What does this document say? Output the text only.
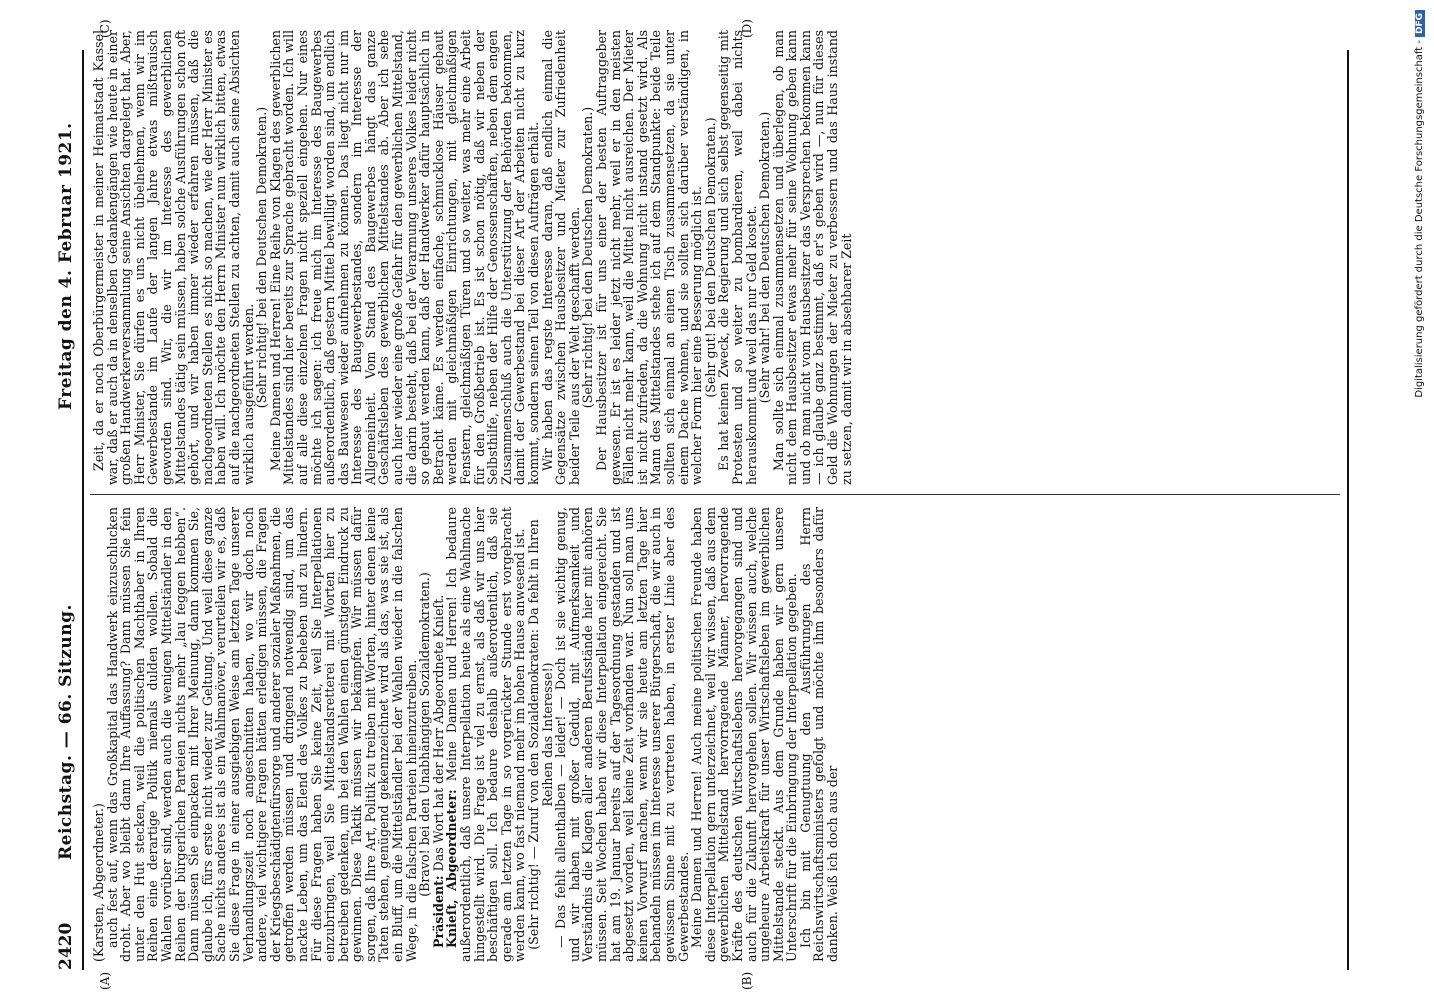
2420
Reichstag. — 66. Sitzung.
Freitag den 4. Februar 1921.
(A)	(B)
(C)	(D)

(Karsten, Abgeordneter.)

auch fest auf, wenn das Großkapital das Handwerk einzuschlucken droht. Aber wo bleibt dann Ihre Auffassung? Dann müssen Sie fein unter den Hut stecken, weil die politischen Machthaber in Ihren Reihen eine derartige Politik niemals dulden wollen. Sobald die Wahlen vorüber sind, werden auch die wenigen Mittelständler in den Reihen der bürgerlichen Parteien nichts mehr „lau feggen hebben“. Dann müssen Sie einpacken mit Ihrer Meinung, dann kommen Sie, glaube ich, fürs erste nicht wieder zur Geltung. Und weil diese ganze Sache nichts anderes ist als ein Wahlmanöver, verurteilen wir es, daß Sie diese Frage in einer ausgiebigen Weise am letzten Tage unserer Verhandlungszeit noch angeschnitten haben, wo wir doch noch andere, viel wichtigere Fragen hätten erledigen müssen, die Fragen der Kriegsbeschädigtenfürsorge und anderer sozialer Maßnahmen, die getroffen werden müssen und dringend notwendig sind, um das nackte Leben, um das Elend des Volkes zu beheben und zu lindern. Für diese Fragen haben Sie keine Zeit, weil Sie Interpellationen einzubringen, weil Sie Mittelstandsretterei mit Worten hier zu betreiben gedenken, um bei den Wahlen einen günstigen Eindruck zu gewinnen. Diese Taktik müssen wir bekämpfen. Wir müssen dafür sorgen, daß Ihre Art, Politik zu treiben mit Worten, hinter denen keine Taten stehen, genügend gekennzeichnet wird als das, was sie ist, als ein Bluff, um die Mittelständler bei der Wahlen wieder in die falschen Wege, in die falschen Parteien hineinzutreiben.

(Bravo! bei den Unabhängigen Sozialdemokraten.)

Präsident: Das Wort hat der Herr Abgeordnete Knieſt.

Knieſt, Abgeordneter: Meine Damen und Herren! Ich bedaure außerordentlich, daß unsere Interpellation heute als eine Wahlmache hingestellt wird. Die Frage ist viel zu ernst, als daß wir uns hier beschäftigen soll. Ich bedaure deshalb außerordentlich, daß sie gerade am letzten Tage in so vorgerückter Stunde erst vorgebracht werden kann, wo fast niemand mehr im hohen Hause anwesend ist.

(Sehr richtig! — Zuruf von den Sozialdemokraten: Da fehlt in Ihren Reihen das Interesse!)

— Das fehlt allenthalben — leider! — Doch ist sie wichtig genug, und wir haben mit großer Geduld, mit Aufmerksamkeit und Verständnis die Klagen aller anderen Berufsstände hier mit anhören müssen. Seit Wochen haben wir diese Interpellation eingereicht. Sie hat am 19. Januar bereits auf der Tagesordnung gestanden und ist abgesetzt worden, weil keine Zeit vorhanden war. Nun soll man uns keinen Vorwurf machen, wenn wir sie heute am letzten Tage hier behandeln müssen im Interesse unserer Bürgerschaft, die wir auch in gewissem Sinne mit zu vertreten haben, in erster Linie aber des Gewerbestandes.

Meine Damen und Herren! Auch meine politischen Freunde haben diese Interpellation gern unterzeichnet, weil wir wissen, daß aus dem gewerblichen Mittelstand hervorragende Männer, hervorragende Kräfte des deutschen Wirtschaftslebens hervorgegangen sind und auch für die Zukunft hervorgehen sollen. Wir wissen auch, welche ungeheure Arbeitskraft für unser Wirtschaftsleben im gewerblichen Mittelstande steckt. Aus dem Grunde haben wir gern unsere Unterschrift für die Einbringung der Interpellation gegeben.

Ich bin mit Genugtuung den Ausführungen des Herrn Reichswirtschaftsministers gefolgt und möchte ihm besonders dafür danken. Weiß ich doch aus der

Zeit, da er noch Oberbürgermeister in meiner Heimatstadt Kassel war, daß er auch da in denselben Gedankengängen wie heute in einer großen Handwerkerversammlung seine Ansichten dargelegt hat. Aber, Herr Minister, Sie dürfen es uns nicht übelnehmen, wenn wir im Gewerbestande im Laufe der langen Jahre etwas mißtrauisch geworden sind. Wir, die wir im Interesse des gewerblichen Mittelstandes tätig sein müssen, haben solche Ausführungen schon oft gehört, und wir haben immer wieder erfahren müssen, daß die nachgeordneten Stellen es nicht so machen, wie der Herr Minister es haben will. Ich möchte den Herrn Minister nun wirklich bitten, etwas auf die nachgeordneten Stellen zu achten, damit auch seine Absichten wirklich ausgeführt werden.

(Sehr richtig! bei den Deutschen Demokraten.)

Meine Damen und Herren! Eine Reihe von Klagen des gewerblichen Mittelstandes sind hier bereits zur Sprache gebracht worden. Ich will auf alle diese einzelnen Fragen nicht speziell eingehen. Nur eines möchte ich sagen: ich freue mich im Interesse des Baugewerbes außerordentlich, daß gestern Mittel bewilligt worden sind, um endlich das Bauwesen wieder aufnehmen zu können. Das liegt nicht nur im Interesse des Baugewerbestandes, sondern im Interesse der Allgemeinheit. Vom Stand des Baugewerbes hängt das ganze Geschäftsleben des gewerblichen Mittelstandes ab. Aber ich sehe auch hier wieder eine große Gefahr für den gewerblichen Mittelstand, die darin besteht, daß bei der Verarmung unseres Volkes leider nicht so gebaut werden kann, daß der Handwerker dafür hauptsächlich in Betracht käme. Es werden einfache, schmucklose Häuser gebaut werden mit gleichmäßigen Einrichtungen, mit gleichmäßigen Fenstern, gleichmäßigen Türen und so weiter, was mehr eine Arbeit für den Großbetrieb ist. Es ist schon nötig, daß wir neben der Selbsthilfe, neben der Hilfe der Genossenschaften, neben dem engen Zusammenschluß auch die Unterstützung der Behörden bekommen, damit der Gewerbestand bei dieser Art der Arbeiten nicht zu kurz kommt, sondern seinen Teil von diesen Aufträgen erhält.

Wir haben das regste Interesse daran, daß endlich einmal die Gegensätze zwischen Hausbesitzer und Mieter zur Zufriedenheit beider Teile aus der Welt geschafft werden.

(Sehr richtig! bei den Deutschen Demokraten.)

Der Hausbesitzer ist für uns einer der besten Auftraggeber gewesen. Er ist es leider jetzt nicht mehr, weil er in den meisten Fällen nicht mehr kann, weil die Mittel nicht ausreichen. Der Mieter ist nicht zufrieden, da die Wohnung nicht instand gesetzt wird. Als Mann des Mittelstandes stehe ich auf dem Standpunkte: beide Teile sollten sich einmal an einen Tisch zusammensetzen, da sie unter einem Dache wohnen, und sie sollten sich darüber verständigen, in welcher Form hier eine Besserung möglich ist.

(Sehr gut! bei den Deutschen Demokraten.)

Es hat keinen Zweck, die Regierung und sich selbst gegenseitig mit Protesten und so weiter zu bombardieren, weil dabei nichts herauskommt und weil das nur Geld kostet.

(Sehr wahr! bei den Deutschen Demokraten.)

Man sollte sich einmal zusammensetzen und überlegen, ob man nicht dem Hausbesitzer etwas mehr für seine Wohnung geben kann und ob man nicht vom Hausbesitzer das Versprechen bekommen kann — ich glaube ganz bestimmt, daß er's geben wird —, nun für dieses Geld die Wohnungen der Mieter zu verbessern und das Haus instand zu setzen, damit wir in absehbarer Zeit	Digitalisierung gefördert durch die Deutsche Forschungsgemeinschaft -DFG
